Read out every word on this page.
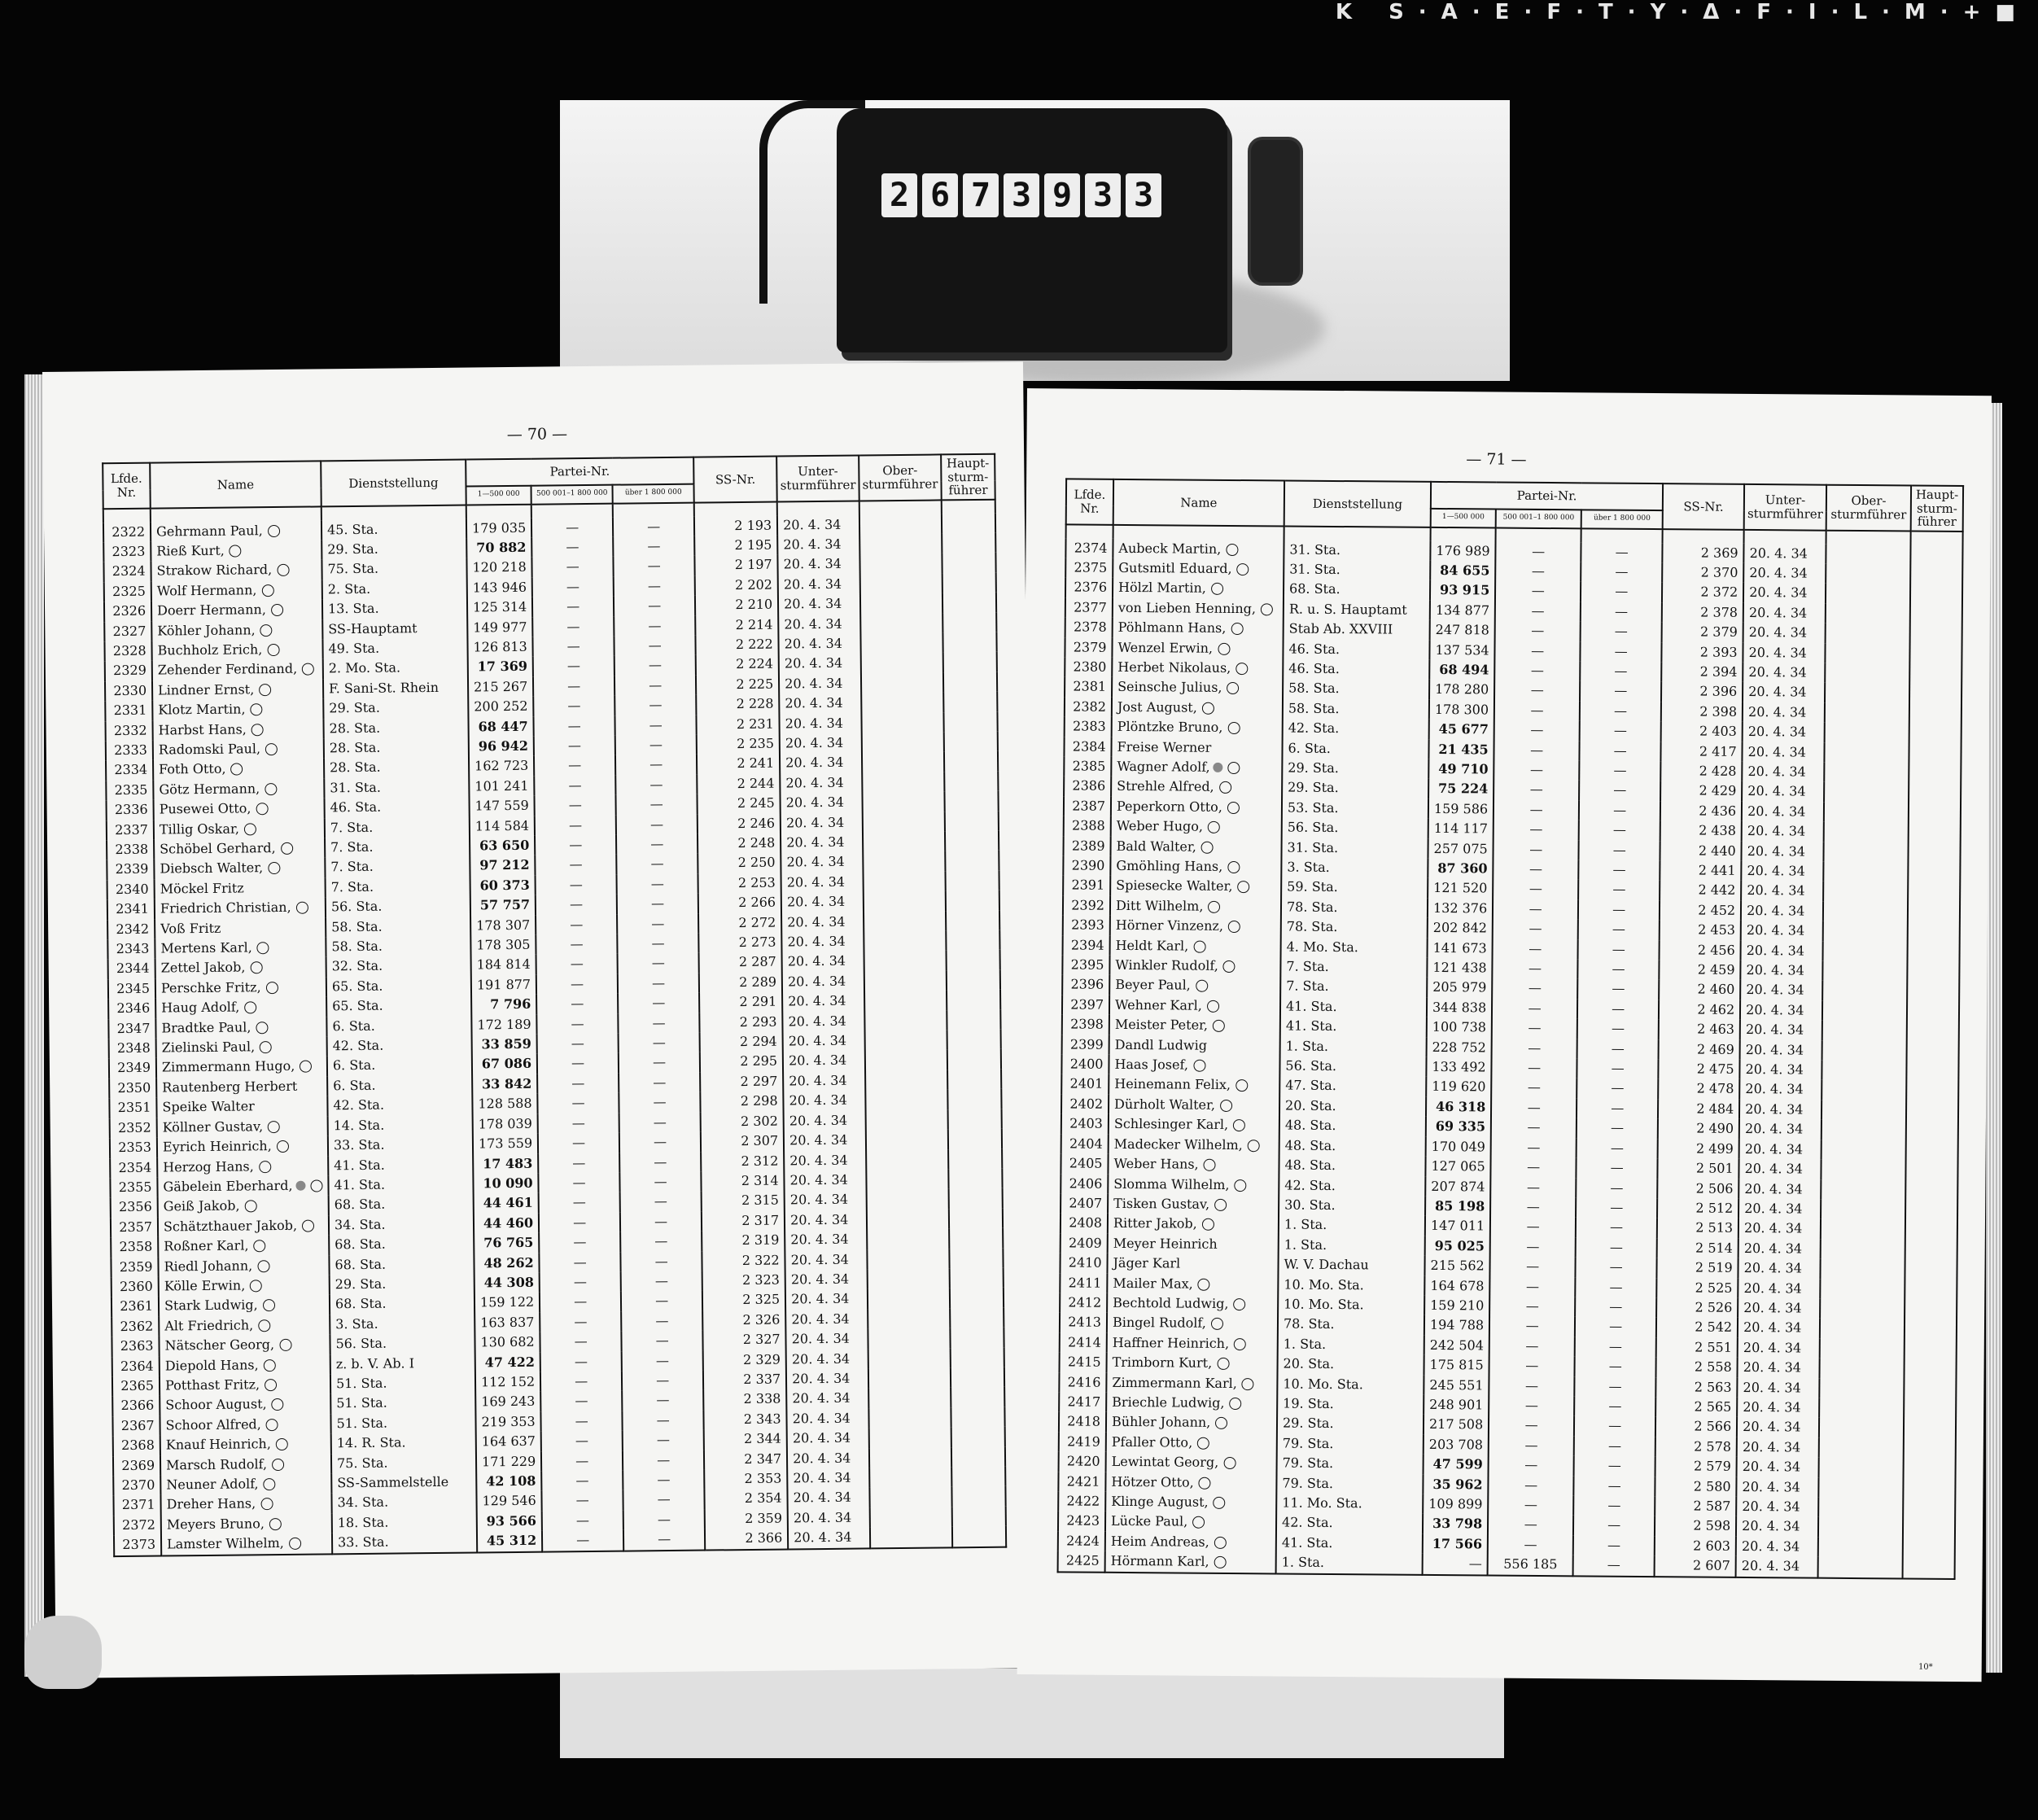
K S·A·E·F·T·Y·Δ·F·I·L·M·+■
2 6 7 3 9 3 3
— 70 —
Lfde. Nr.	Name	Dienststellung	Partei-Nr.			SS-Nr.	Unter-sturmführer	Ober-sturmführer	Haupt-sturm-führer
			1—500 000	500 001–1 800 000	über 1 800 000				

2322	Gehrmann Paul,	45. Sta.	179 035	—	—	2 193	20. 4. 34		
2323	Rieß Kurt,	29. Sta.	70 882	—	—	2 195	20. 4. 34		
2324	Strakow Richard,	75. Sta.	120 218	—	—	2 197	20. 4. 34		
2325	Wolf Hermann,	2. Sta.	143 946	—	—	2 202	20. 4. 34		
2326	Doerr Hermann,	13. Sta.	125 314	—	—	2 210	20. 4. 34		
2327	Köhler Johann,	SS-Hauptamt	149 977	—	—	2 214	20. 4. 34		
2328	Buchholz Erich,	49. Sta.	126 813	—	—	2 222	20. 4. 34		
2329	Zehender Ferdinand,	2. Mo. Sta.	17 369	—	—	2 224	20. 4. 34		
2330	Lindner Ernst,	F. Sani-St. Rhein	215 267	—	—	2 225	20. 4. 34		
2331	Klotz Martin,	29. Sta.	200 252	—	—	2 228	20. 4. 34		
2332	Harbst Hans,	28. Sta.	68 447	—	—	2 231	20. 4. 34		
2333	Radomski Paul,	28. Sta.	96 942	—	—	2 235	20. 4. 34		
2334	Foth Otto,	28. Sta.	162 723	—	—	2 241	20. 4. 34		
2335	Götz Hermann,	31. Sta.	101 241	—	—	2 244	20. 4. 34		
2336	Pusewei Otto,	46. Sta.	147 559	—	—	2 245	20. 4. 34		
2337	Tillig Oskar,	7. Sta.	114 584	—	—	2 246	20. 4. 34		
2338	Schöbel Gerhard,	7. Sta.	63 650	—	—	2 248	20. 4. 34		
2339	Diebsch Walter,	7. Sta.	97 212	—	—	2 250	20. 4. 34		
2340	Möckel Fritz	7. Sta.	60 373	—	—	2 253	20. 4. 34		
2341	Friedrich Christian,	56. Sta.	57 757	—	—	2 266	20. 4. 34		
2342	Voß Fritz	58. Sta.	178 307	—	—	2 272	20. 4. 34		
2343	Mertens Karl,	58. Sta.	178 305	—	—	2 273	20. 4. 34		
2344	Zettel Jakob,	32. Sta.	184 814	—	—	2 287	20. 4. 34		
2345	Perschke Fritz,	65. Sta.	191 877	—	—	2 289	20. 4. 34		
2346	Haug Adolf,	65. Sta.	7 796	—	—	2 291	20. 4. 34		
2347	Bradtke Paul,	6. Sta.	172 189	—	—	2 293	20. 4. 34		
2348	Zielinski Paul,	42. Sta.	33 859	—	—	2 294	20. 4. 34		
2349	Zimmermann Hugo,	6. Sta.	67 086	—	—	2 295	20. 4. 34		
2350	Rautenberg Herbert	6. Sta.	33 842	—	—	2 297	20. 4. 34		
2351	Speike Walter	42. Sta.	128 588	—	—	2 298	20. 4. 34		
2352	Köllner Gustav,	14. Sta.	178 039	—	—	2 302	20. 4. 34		
2353	Eyrich Heinrich,	33. Sta.	173 559	—	—	2 307	20. 4. 34		
2354	Herzog Hans,	41. Sta.	17 483	—	—	2 312	20. 4. 34		
2355	Gäbelein Eberhard,	41. Sta.	10 090	—	—	2 314	20. 4. 34		
2356	Geiß Jakob,	68. Sta.	44 461	—	—	2 315	20. 4. 34		
2357	Schätzthauer Jakob,	34. Sta.	44 460	—	—	2 317	20. 4. 34		
2358	Roßner Karl,	68. Sta.	76 765	—	—	2 319	20. 4. 34		
2359	Riedl Johann,	68. Sta.	48 262	—	—	2 322	20. 4. 34		
2360	Kölle Erwin,	29. Sta.	44 308	—	—	2 323	20. 4. 34		
2361	Stark Ludwig,	68. Sta.	159 122	—	—	2 325	20. 4. 34		
2362	Alt Friedrich,	3. Sta.	163 837	—	—	2 326	20. 4. 34		
2363	Nätscher Georg,	56. Sta.	130 682	—	—	2 327	20. 4. 34		
2364	Diepold Hans,	z. b. V. Ab. I	47 422	—	—	2 329	20. 4. 34		
2365	Potthast Fritz,	51. Sta.	112 152	—	—	2 337	20. 4. 34		
2366	Schoor August,	51. Sta.	169 243	—	—	2 338	20. 4. 34		
2367	Schoor Alfred,	51. Sta.	219 353	—	—	2 343	20. 4. 34		
2368	Knauf Heinrich,	14. R. Sta.	164 637	—	—	2 344	20. 4. 34		
2369	Marsch Rudolf,	75. Sta.	171 229	—	—	2 347	20. 4. 34		
2370	Neuner Adolf,	SS-Sammelstelle	42 108	—	—	2 353	20. 4. 34		
2371	Dreher Hans,	34. Sta.	129 546	—	—	2 354	20. 4. 34		
2372	Meyers Bruno,	18. Sta.	93 566	—	—	2 359	20. 4. 34		
2373	Lamster Wilhelm,	33. Sta.	45 312	—	—	2 366	20. 4. 34		
— 71 —
Lfde. Nr.	Name	Dienststellung	Partei-Nr.			SS-Nr.	Unter-sturmführer	Ober-sturmführer	Haupt-sturm-führer
			1—500 000	500 001–1 800 000	über 1 800 000				

2374	Aubeck Martin,	31. Sta.	176 989	—	—	2 369	20. 4. 34		
2375	Gutsmitl Eduard,	31. Sta.	84 655	—	—	2 370	20. 4. 34		
2376	Hölzl Martin,	68. Sta.	93 915	—	—	2 372	20. 4. 34		
2377	von Lieben Henning,	R. u. S. Hauptamt	134 877	—	—	2 378	20. 4. 34		
2378	Pöhlmann Hans,	Stab Ab. XXVIII	247 818	—	—	2 379	20. 4. 34		
2379	Wenzel Erwin,	46. Sta.	137 534	—	—	2 393	20. 4. 34		
2380	Herbet Nikolaus,	46. Sta.	68 494	—	—	2 394	20. 4. 34		
2381	Seinsche Julius,	58. Sta.	178 280	—	—	2 396	20. 4. 34		
2382	Jost August,	58. Sta.	178 300	—	—	2 398	20. 4. 34		
2383	Plöntzke Bruno,	42. Sta.	45 677	—	—	2 403	20. 4. 34		
2384	Freise Werner	6. Sta.	21 435	—	—	2 417	20. 4. 34		
2385	Wagner Adolf,	29. Sta.	49 710	—	—	2 428	20. 4. 34		
2386	Strehle Alfred,	29. Sta.	75 224	—	—	2 429	20. 4. 34		
2387	Peperkorn Otto,	53. Sta.	159 586	—	—	2 436	20. 4. 34		
2388	Weber Hugo,	56. Sta.	114 117	—	—	2 438	20. 4. 34		
2389	Bald Walter,	31. Sta.	257 075	—	—	2 440	20. 4. 34		
2390	Gmöhling Hans,	3. Sta.	87 360	—	—	2 441	20. 4. 34		
2391	Spiesecke Walter,	59. Sta.	121 520	—	—	2 442	20. 4. 34		
2392	Ditt Wilhelm,	78. Sta.	132 376	—	—	2 452	20. 4. 34		
2393	Hörner Vinzenz,	78. Sta.	202 842	—	—	2 453	20. 4. 34		
2394	Heldt Karl,	4. Mo. Sta.	141 673	—	—	2 456	20. 4. 34		
2395	Winkler Rudolf,	7. Sta.	121 438	—	—	2 459	20. 4. 34		
2396	Beyer Paul,	7. Sta.	205 979	—	—	2 460	20. 4. 34		
2397	Wehner Karl,	41. Sta.	344 838	—	—	2 462	20. 4. 34		
2398	Meister Peter,	41. Sta.	100 738	—	—	2 463	20. 4. 34		
2399	Dandl Ludwig	1. Sta.	228 752	—	—	2 469	20. 4. 34		
2400	Haas Josef,	56. Sta.	133 492	—	—	2 475	20. 4. 34		
2401	Heinemann Felix,	47. Sta.	119 620	—	—	2 478	20. 4. 34		
2402	Dürholt Walter,	20. Sta.	46 318	—	—	2 484	20. 4. 34		
2403	Schlesinger Karl,	48. Sta.	69 335	—	—	2 490	20. 4. 34		
2404	Madecker Wilhelm,	48. Sta.	170 049	—	—	2 499	20. 4. 34		
2405	Weber Hans,	48. Sta.	127 065	—	—	2 501	20. 4. 34		
2406	Slomma Wilhelm,	42. Sta.	207 874	—	—	2 506	20. 4. 34		
2407	Tisken Gustav,	30. Sta.	85 198	—	—	2 512	20. 4. 34		
2408	Ritter Jakob,	1. Sta.	147 011	—	—	2 513	20. 4. 34		
2409	Meyer Heinrich	1. Sta.	95 025	—	—	2 514	20. 4. 34		
2410	Jäger Karl	W. V. Dachau	215 562	—	—	2 519	20. 4. 34		
2411	Mailer Max,	10. Mo. Sta.	164 678	—	—	2 525	20. 4. 34		
2412	Bechtold Ludwig,	10. Mo. Sta.	159 210	—	—	2 526	20. 4. 34		
2413	Bingel Rudolf,	78. Sta.	194 788	—	—	2 542	20. 4. 34		
2414	Haffner Heinrich,	1. Sta.	242 504	—	—	2 551	20. 4. 34		
2415	Trimborn Kurt,	20. Sta.	175 815	—	—	2 558	20. 4. 34		
2416	Zimmermann Karl,	10. Mo. Sta.	245 551	—	—	2 563	20. 4. 34		
2417	Briechle Ludwig,	19. Sta.	248 901	—	—	2 565	20. 4. 34		
2418	Bühler Johann,	29. Sta.	217 508	—	—	2 566	20. 4. 34		
2419	Pfaller Otto,	79. Sta.	203 708	—	—	2 578	20. 4. 34		
2420	Lewintat Georg,	79. Sta.	47 599	—	—	2 579	20. 4. 34		
2421	Hötzer Otto,	79. Sta.	35 962	—	—	2 580	20. 4. 34		
2422	Klinge August,	11. Mo. Sta.	109 899	—	—	2 587	20. 4. 34		
2423	Lücke Paul,	42. Sta.	33 798	—	—	2 598	20. 4. 34		
2424	Heim Andreas,	41. Sta.	17 566	—	—	2 603	20. 4. 34		
2425	Hörmann Karl,	1. Sta.	—	556 185	—	2 607	20. 4. 34		
10*
